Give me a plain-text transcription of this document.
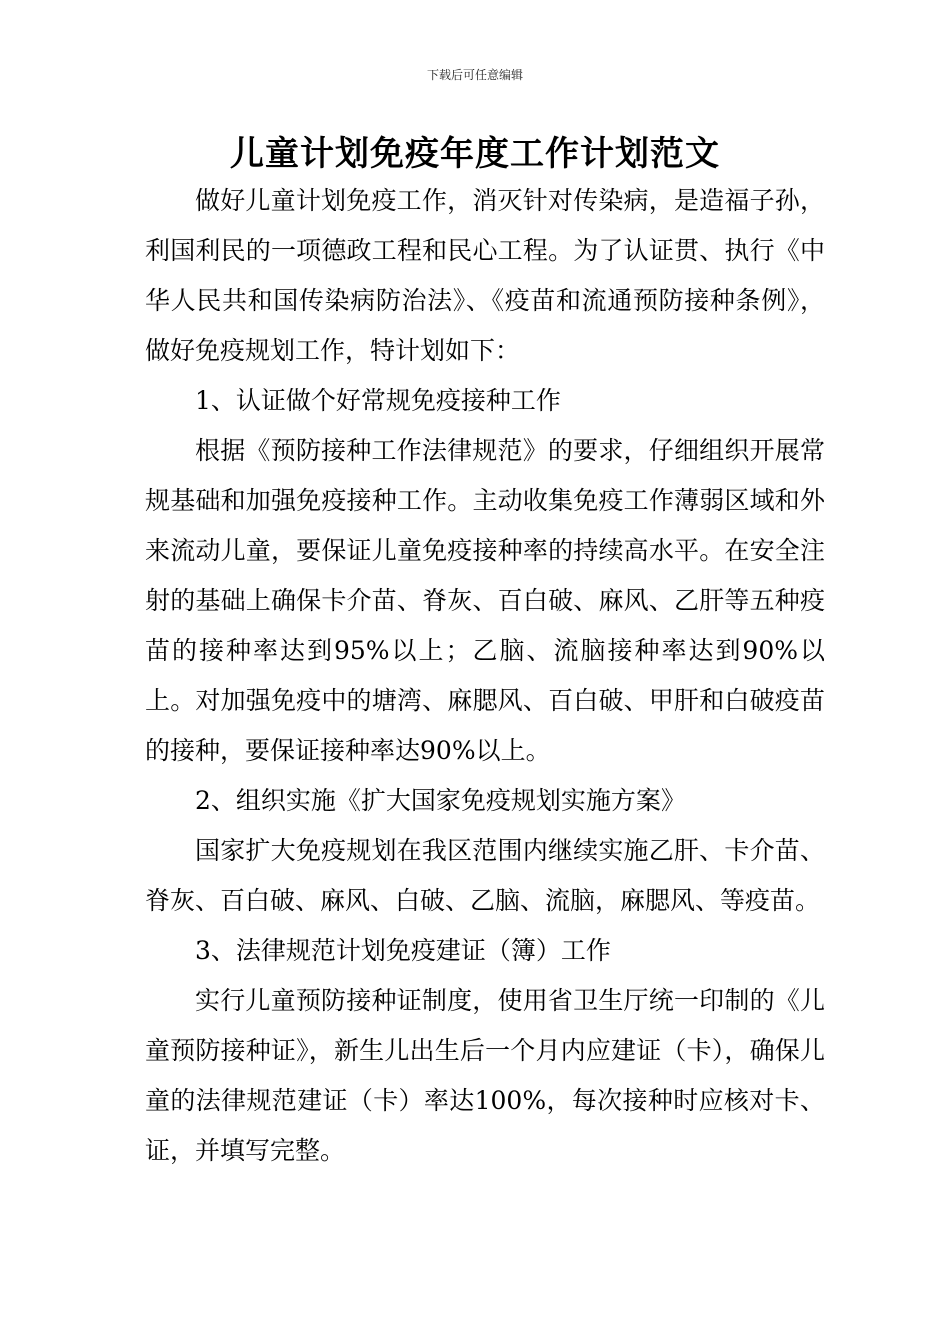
下载后可任意编辑
儿童计划免疫年度工作计划范文

做好儿童计划免疫工作，消灭针对传染病，是造福子孙，利国利民的一项德政工程和民心工程。为了认证贯、执行《中华人民共和国传染病防治法》、《疫苗和流通预防接种条例》，做好免疫规划工作，特计划如下：

1、认证做个好常规免疫接种工作

根据《预防接种工作法律规范》的要求，仔细组织开展常规基础和加强免疫接种工作。主动收集免疫工作薄弱区域和外来流动儿童，要保证儿童免疫接种率的持续高水平。在安全注射的基础上确保卡介苗、脊灰、百白破、麻风、乙肝等五种疫苗的接种率达到95%以上；乙脑、流脑接种率达到90%以上。对加强免疫中的塘湾、麻腮风、百白破、甲肝和白破疫苗的接种，要保证接种率达90%以上。

2、组织实施《扩大国家免疫规划实施方案》

国家扩大免疫规划在我区范围内继续实施乙肝、卡介苗、脊灰、百白破、麻风、白破、乙脑、流脑，麻腮风、等疫苗。

3、法律规范计划免疫建证（簿）工作

实行儿童预防接种证制度，使用省卫生厅统一印制的《儿童预防接种证》，新生儿出生后一个月内应建证（卡），确保儿童的法律规范建证（卡）率达100%，每次接种时应核对卡、证，并填写完整。
